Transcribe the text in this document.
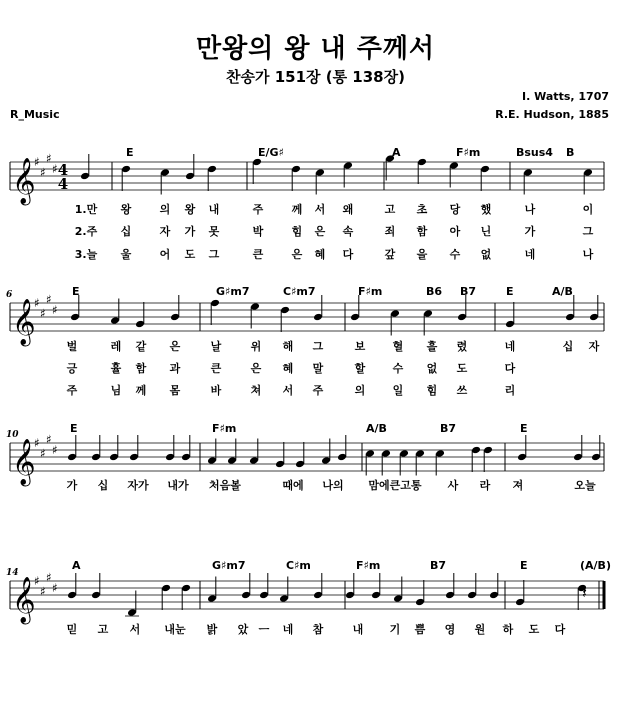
만왕의 왕 내 주께서
찬송가 151장 (통 138장)
R_Music
I. Watts, 1707
R.E. Hudson, 1885
𝄞
♯
♯
♯
♯ 4
4
E	E/G♯	A	F♯m	Bsus4 B
1.만 왕	의 왕 내	주	께 서 왜	고 초 당 했	나	이
2.주 십	자 가 못	박	힘 은 속	죄 함 아 닌	가	그
3.늘 울	어 도 그	큰	은 혜 다	갚 을 수 없	네	나
𝄞
♯
♯
♯
♯
6	E	G♯m7	C♯m7	F♯m	B6 B7	E	A/B
벌	레 같 은	날	위 해 그	보 혈 흘 렸	네	십 자
긍	휼 함 과	큰	은 혜 말	할 수 없 도	다
주	님 께 몸	바	쳐 서 주	의 일 힘 쓰	리
𝄞
♯
♯
♯
♯
10	E	F♯m	A/B	B7	E
가 십 자가 내가 처음볼	때에 나의 맘에큰고통 사 라 져	오늘
𝄞
♯
♯
♯
♯
14
A	G♯m7	C♯m	F♯m	B7	E	(A/B)
믿 고 서 내눈 밝 았 ㅡ 네 참	내 기 쁨 영 원 하 도 다
𝄽
